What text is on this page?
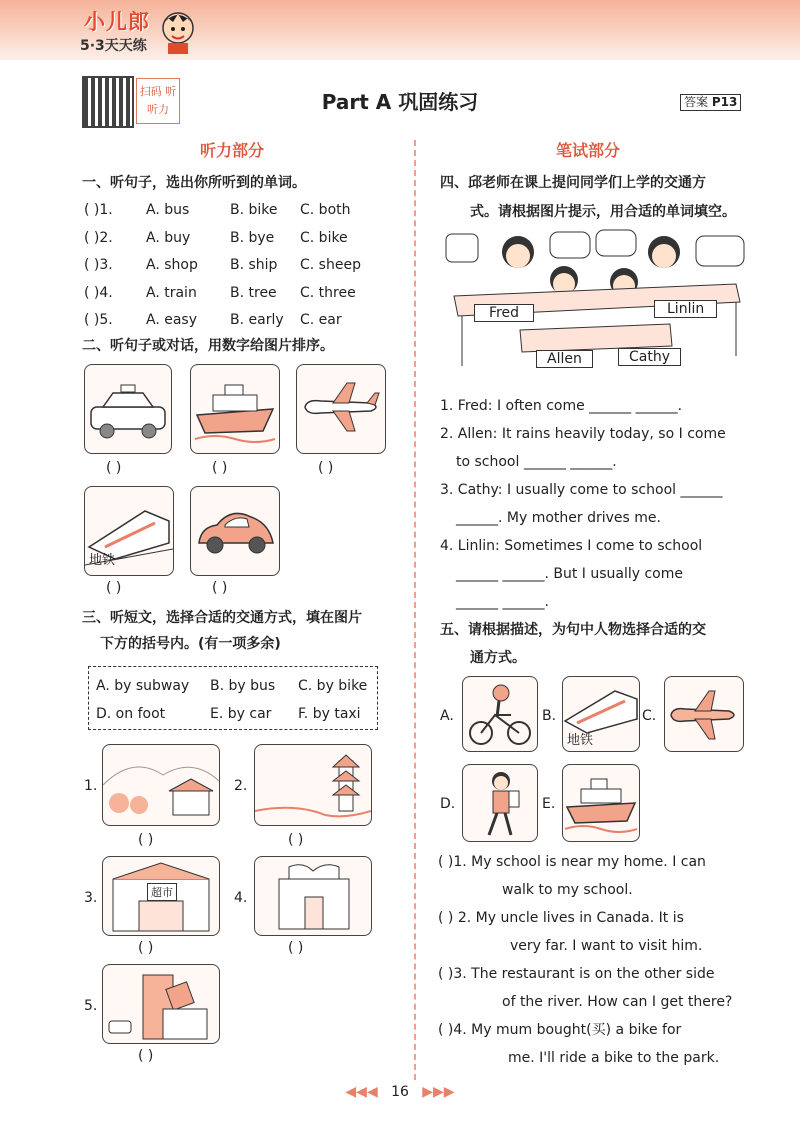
小儿郎
5·3天天练
扫码 听听力	Part A 巩固练习	答案 P13
听力部分
一、听句子，选出你所听到的单词。
( )1. A. bus	B. bike C. both
( )2. A. buy	B. bye C. bike
( )3. A. shop B. ship C. sheep
( )4. A. train B. tree C. three
( )5. A. easy B. early C. ear
二、听句子或对话，用数字给图片排序。
( )	( )	( )
地铁
( )	( )
三、听短文，选择合适的交通方式，填在图片
下方的括号内。(有一项多余)
A. by subway B. by bus C. by bike
D. on foot	E. by car F. by taxi
1.
( )
2.
( )
3.	超市
( )
4.
( )
5.
( )
笔试部分
四、邱老师在课上提问同学们上学的交通方
式。请根据图片提示，用合适的单词填空。
Fred	Linlin
Allen	Cathy
1. Fred: I often come ______ ______.
2. Allen: It rains heavily today, so I come
to school ______ ______.
3. Cathy: I usually come to school ______
______. My mother drives me.
4. Linlin: Sometimes I come to school
______ ______. But I usually come
______ ______.
五、请根据描述，为句中人物选择合适的交
通方式。
A.	B.
地铁
C.
D.	E.
( )1. My school is near my home. I can
walk to my school.
( ) 2. My uncle lives in Canada. It is
very far. I want to visit him.
( )3. The restaurant is on the other side
of the river. How can I get there?
( )4. My mum bought(买) a bike for
me. I'll ride a bike to the park.
◀◀◀ 16 ▶▶▶
